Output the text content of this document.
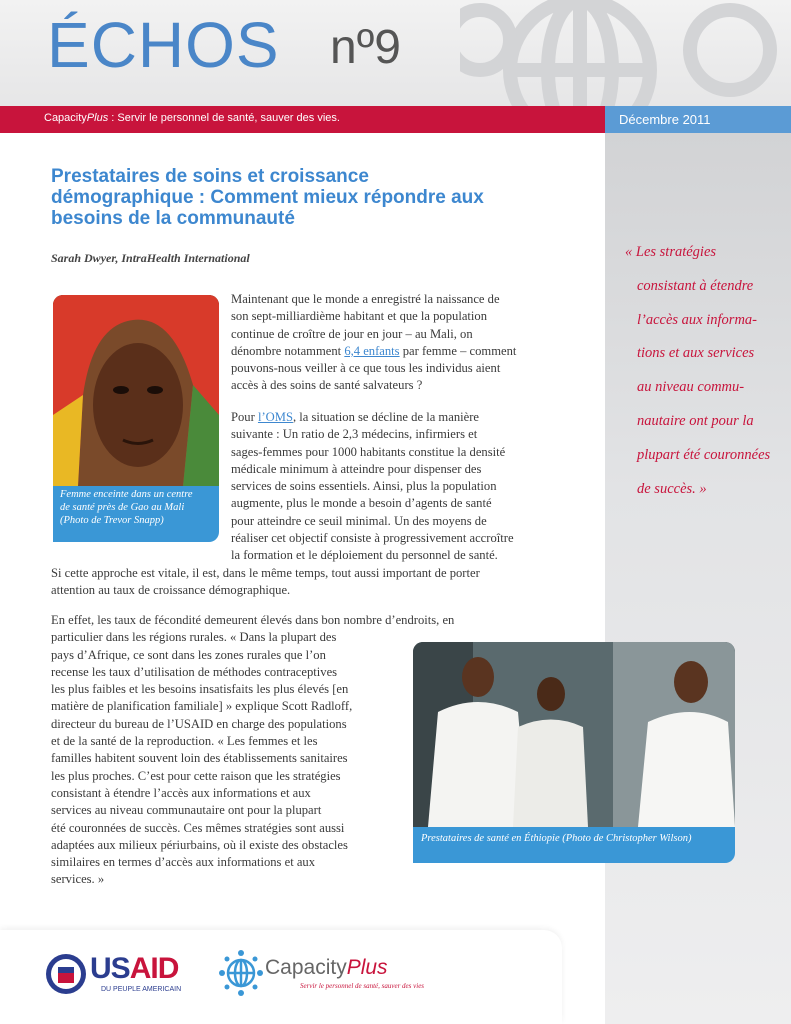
ÉCHOS nº9
CapacityPlus : Servir le personnel de santé, sauver des vies.	Décembre 2011
« Les stratégies
consistant à étendre
l’accès aux informa-
tions et aux services
au niveau commu-
nautaire ont pour la
plupart été couronnées
de succès. »
Prestataires de soins et croissance
démographique : Comment mieux répondre aux
besoins de la communauté
Sarah Dwyer, IntraHealth International
Femme enceinte dans un centre
de santé près de Gao au Mali
(Photo de Trevor Snapp)
Maintenant que le monde a enregistré la naissance de
son sept-milliardième habitant et que la population
continue de croître de jour en jour – au Mali, on
dénombre notamment 6,4 enfants par femme – comment
pouvons-nous veiller à ce que tous les individus aient
accès à des soins de santé salvateurs ?
Pour l’OMS, la situation se décline de la manière
suivante : Un ratio de 2,3 médecins, infirmiers et
sages-femmes pour 1000 habitants constitue la densité
médicale minimum à atteindre pour dispenser des
services de soins essentiels. Ainsi, plus la population
augmente, plus le monde a besoin d’agents de santé
pour atteindre ce seuil minimal. Un des moyens de
réaliser cet objectif consiste à progressivement accroître
la formation et le déploiement du personnel de santé.
Si cette approche est vitale, il est, dans le même temps, tout aussi important de porter
attention au taux de croissance démographique.
En effet, les taux de fécondité demeurent élevés dans bon nombre d’endroits, en
particulier dans les régions rurales. « Dans la plupart des
pays d’Afrique, ce sont dans les zones rurales que l’on
recense les taux d’utilisation de méthodes contraceptives
les plus faibles et les besoins insatisfaits les plus élevés [en
matière de planification familiale] » explique Scott Radloff,
directeur du bureau de l’USAID en charge des populations
et de la santé de la reproduction. « Les femmes et les
familles habitent souvent loin des établissements sanitaires
les plus proches. C’est pour cette raison que les stratégies
consistant à étendre l’accès aux informations et aux
services au niveau communautaire ont pour la plupart
été couronnées de succès. Ces mêmes stratégies sont aussi
adaptées aux milieux périurbains, où il existe des obstacles
similaires en termes d’accès aux informations et aux
services. »
Prestataires de santé en Éthiopie (Photo de Christopher Wilson)
USAID
DU PEUPLE AMERICAIN
CapacityPlus
Servir le personnel de santé, sauver des vies
